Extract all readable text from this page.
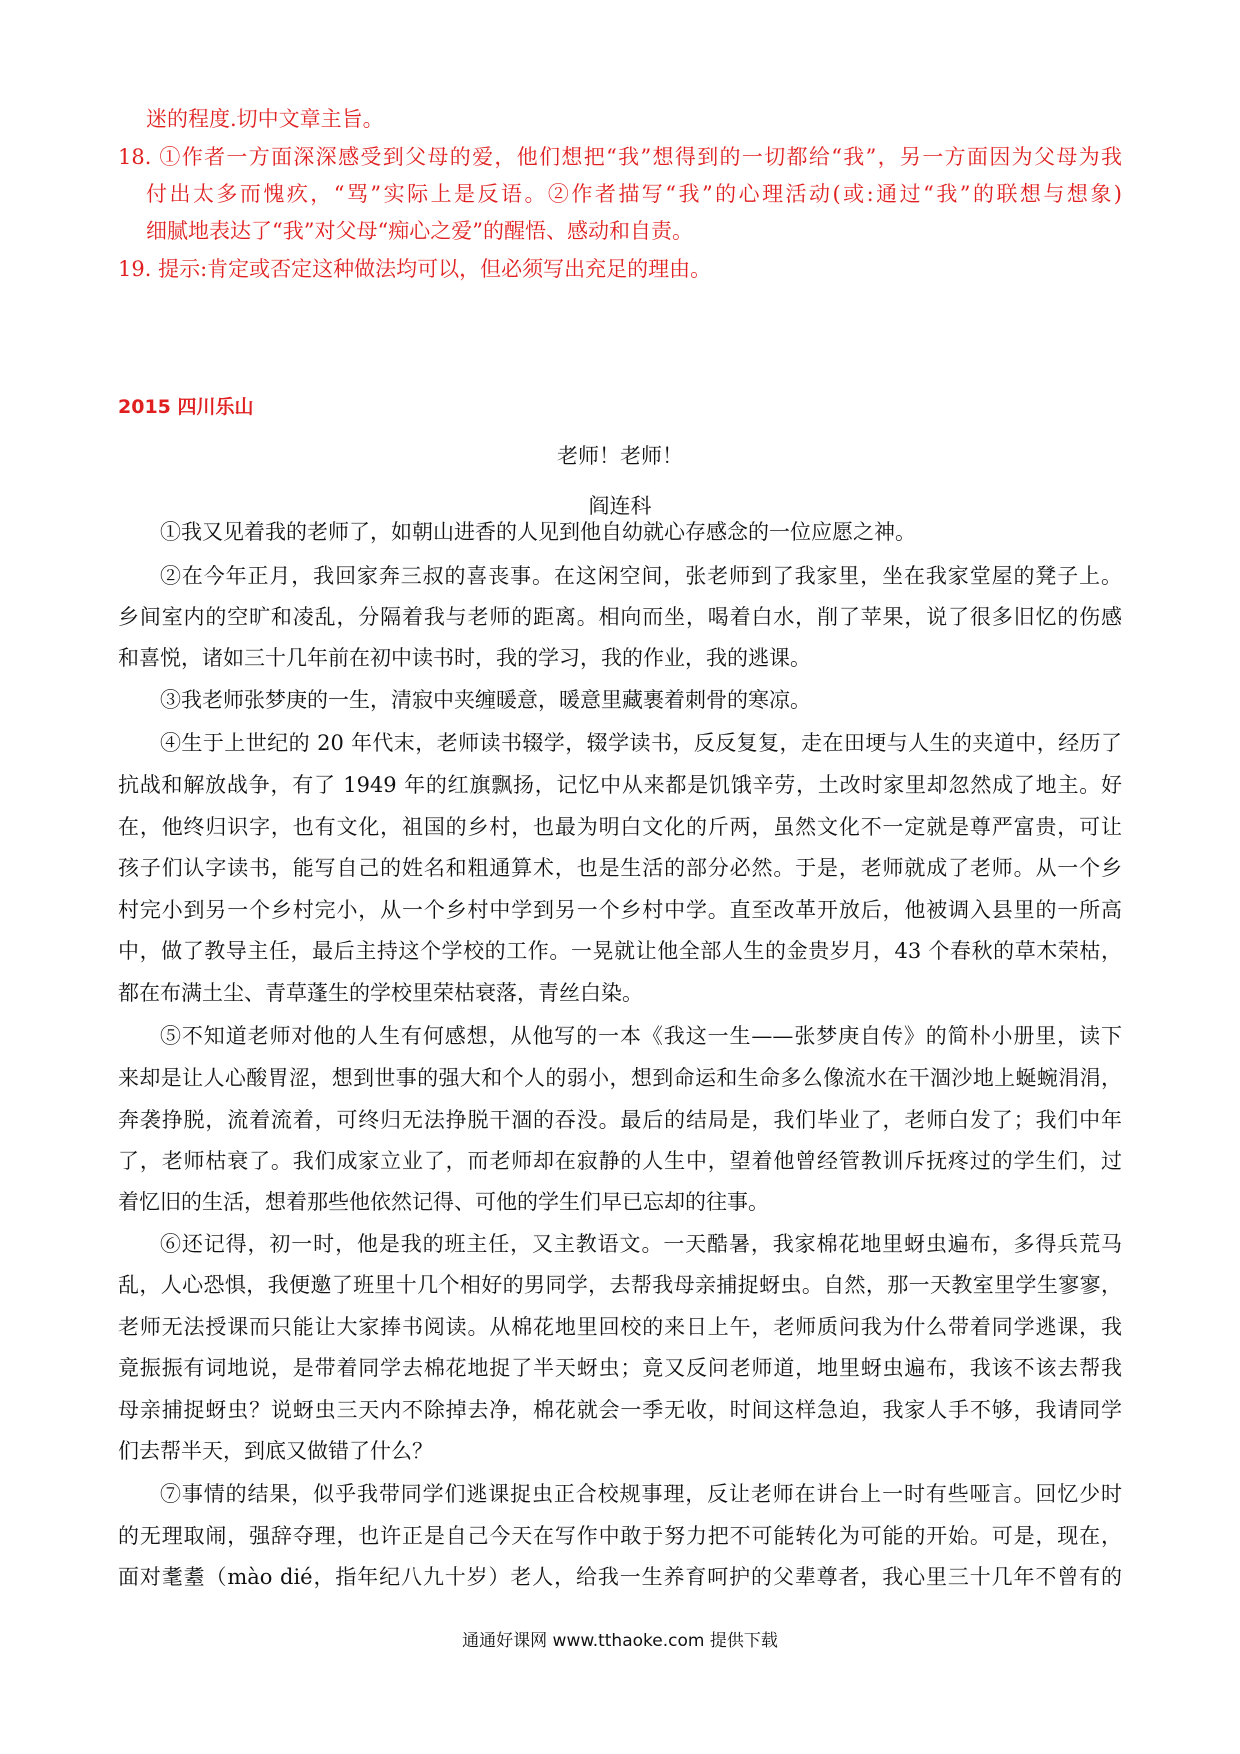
迷的程度.切中文章主旨。
18. ①作者一方面深深感受到父母的爱，他们想把“我”想得到的一切都给“我”，另一方面因为父母为我
付出太多而愧疚，“骂”实际上是反语。②作者描写“我”的心理活动(或:通过“我”的联想与想象)
细腻地表达了“我”对父母“痴心之爱”的醒悟、感动和自责。
19. 提示:肯定或否定这种做法均可以，但必须写出充足的理由。
2015 四川乐山
老师！老师！
阎连科
①我又见着我的老师了，如朝山进香的人见到他自幼就心存感念的一位应愿之神。
②在今年正月，我回家奔三叔的喜丧事。在这闲空间，张老师到了我家里，坐在我家堂屋的凳子上。
乡间室内的空旷和凌乱，分隔着我与老师的距离。相向而坐，喝着白水，削了苹果，说了很多旧忆的伤感
和喜悦，诸如三十几年前在初中读书时，我的学习，我的作业，我的逃课。
③我老师张梦庚的一生，清寂中夹缠暖意，暖意里藏裹着刺骨的寒凉。
④生于上世纪的 20 年代末，老师读书辍学，辍学读书，反反复复，走在田埂与人生的夹道中，经历了
抗战和解放战争，有了 1949 年的红旗飘扬，记忆中从来都是饥饿辛劳，土改时家里却忽然成了地主。好
在，他终归识字，也有文化，祖国的乡村，也最为明白文化的斤两，虽然文化不一定就是尊严富贵，可让
孩子们认字读书，能写自己的姓名和粗通算术，也是生活的部分必然。于是，老师就成了老师。从一个乡
村完小到另一个乡村完小，从一个乡村中学到另一个乡村中学。直至改革开放后，他被调入县里的一所高
中，做了教导主任，最后主持这个学校的工作。一晃就让他全部人生的金贵岁月，43 个春秋的草木荣枯，
都在布满土尘、青草蓬生的学校里荣枯衰落，青丝白染。
⑤不知道老师对他的人生有何感想，从他写的一本《我这一生——张梦庚自传》的简朴小册里，读下
来却是让人心酸胃涩，想到世事的强大和个人的弱小，想到命运和生命多么像流水在干涸沙地上蜒蜿涓涓，
奔袭挣脱，流着流着，可终归无法挣脱干涸的吞没。最后的结局是，我们毕业了，老师白发了；我们中年
了，老师枯衰了。我们成家立业了，而老师却在寂静的人生中，望着他曾经管教训斥抚疼过的学生们，过
着忆旧的生活，想着那些他依然记得、可他的学生们早已忘却的往事。
⑥还记得，初一时，他是我的班主任，又主教语文。一天酷暑，我家棉花地里蚜虫遍布，多得兵荒马
乱，人心恐惧，我便邀了班里十几个相好的男同学，去帮我母亲捕捉蚜虫。自然，那一天教室里学生寥寥，
老师无法授课而只能让大家捧书阅读。从棉花地里回校的来日上午，老师质问我为什么带着同学逃课，我
竟振振有词地说，是带着同学去棉花地捉了半天蚜虫；竟又反问老师道，地里蚜虫遍布，我该不该去帮我
母亲捕捉蚜虫？说蚜虫三天内不除掉去净，棉花就会一季无收，时间这样急迫，我家人手不够，我请同学
们去帮半天，到底又做错了什么？
⑦事情的结果，似乎我带同学们逃课捉虫正合校规事理，反让老师在讲台上一时有些哑言。回忆少时
的无理取闹，强辞夺理，也许正是自己今天在写作中敢于努力把不可能转化为可能的开始。可是，现在，
面对耄耋（mào dié，指年纪八九十岁）老人，给我一生养育呵护的父辈尊者，我心里三十几年不曾有的
通通好课网 www.tthaoke.com 提供下载
